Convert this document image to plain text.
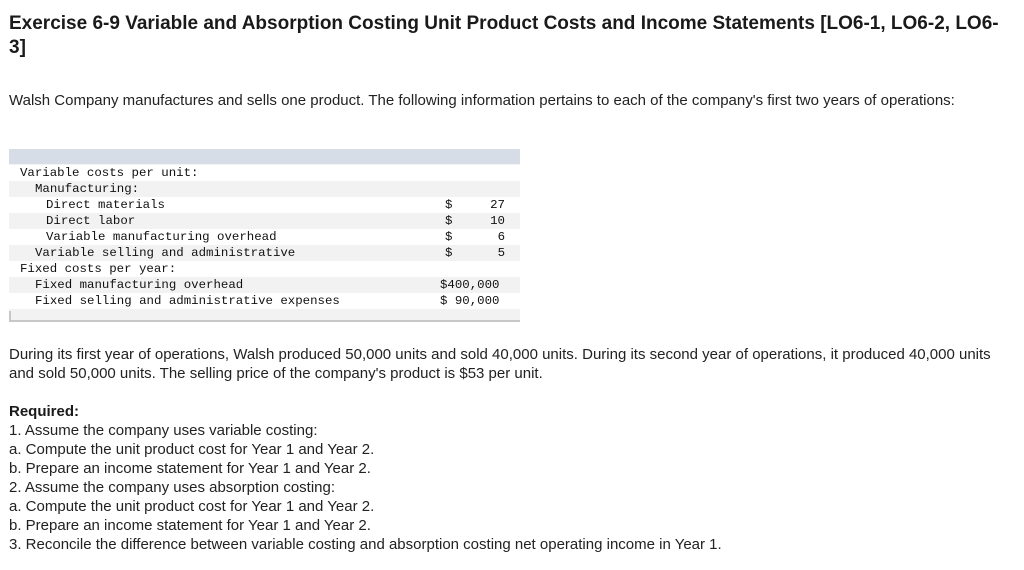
Exercise 6-9 Variable and Absorption Costing Unit Product Costs and Income Statements [LO6-1, LO6-2, LO6-3]

Walsh Company manufactures and sells one product. The following information pertains to each of the company's first two years of operations:

Variable costs per unit:
Manufacturing:
Direct materials	$	27
Direct labor	$	10
Variable manufacturing overhead	$	6
Variable selling and administrative	$	5
Fixed costs per year:
Fixed manufacturing overhead	$400,000
Fixed selling and administrative expenses	$ 90,000

During its first year of operations, Walsh produced 50,000 units and sold 40,000 units. During its second year of operations, it produced 40,000 units and sold 50,000 units. The selling price of the company's product is $53 per unit.

Required:
1. Assume the company uses variable costing:
a. Compute the unit product cost for Year 1 and Year 2.
b. Prepare an income statement for Year 1 and Year 2.
2. Assume the company uses absorption costing:
a. Compute the unit product cost for Year 1 and Year 2.
b. Prepare an income statement for Year 1 and Year 2.
3. Reconcile the difference between variable costing and absorption costing net operating income in Year 1.
